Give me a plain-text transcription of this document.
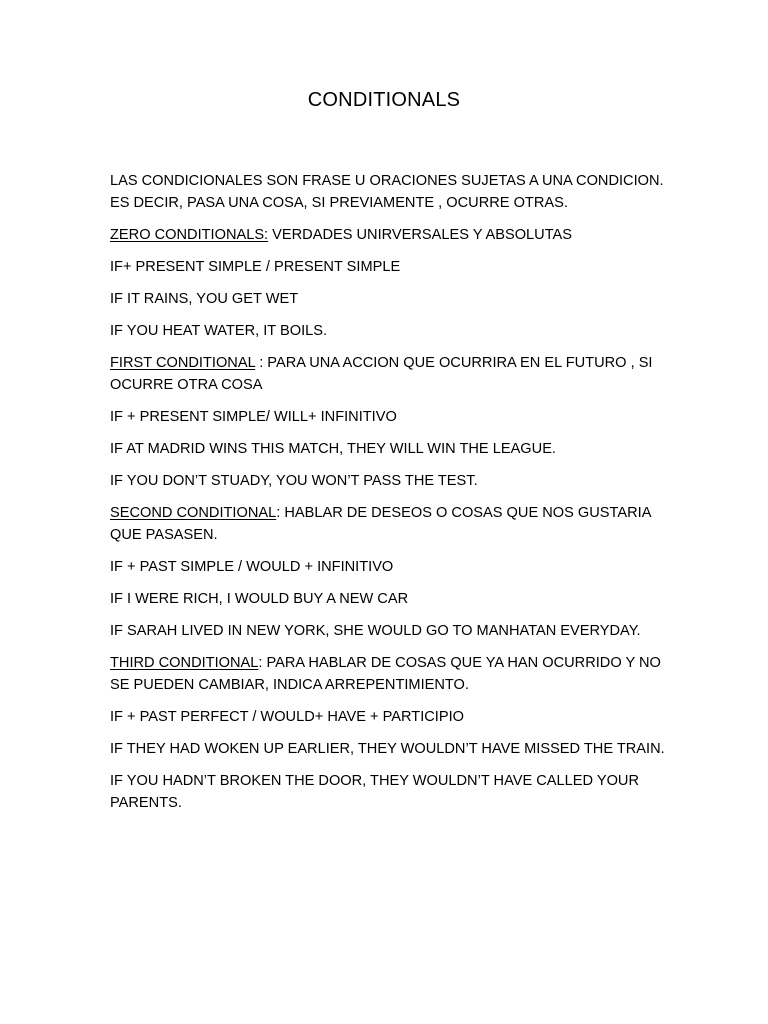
CONDITIONALS

LAS CONDICIONALES SON FRASE U ORACIONES SUJETAS A UNA CONDICION. ES DECIR, PASA UNA COSA, SI PREVIAMENTE , OCURRE OTRAS.

ZERO CONDITIONALS: VERDADES UNIRVERSALES Y ABSOLUTAS

IF+ PRESENT SIMPLE / PRESENT SIMPLE

IF IT RAINS, YOU GET WET

IF YOU HEAT WATER, IT BOILS.

FIRST CONDITIONAL : PARA UNA ACCION QUE OCURRIRA EN EL FUTURO , SI OCURRE OTRA COSA

IF + PRESENT SIMPLE/ WILL+ INFINITIVO

IF AT MADRID WINS THIS MATCH, THEY WILL WIN THE LEAGUE.

IF YOU DON’T STUADY, YOU WON’T PASS THE TEST.

SECOND CONDITIONAL: HABLAR DE DESEOS O COSAS QUE NOS GUSTARIA QUE PASASEN.

IF + PAST SIMPLE / WOULD + INFINITIVO

IF I WERE RICH, I WOULD BUY A NEW CAR

IF SARAH LIVED IN NEW YORK, SHE WOULD GO TO MANHATAN EVERYDAY.

THIRD CONDITIONAL: PARA HABLAR DE COSAS QUE YA HAN OCURRIDO Y NO SE PUEDEN CAMBIAR, INDICA ARREPENTIMIENTO.

IF + PAST PERFECT / WOULD+ HAVE + PARTICIPIO

IF THEY HAD WOKEN UP EARLIER, THEY WOULDN’T HAVE MISSED THE TRAIN.

IF YOU HADN’T BROKEN THE DOOR, THEY WOULDN’T HAVE CALLED YOUR PARENTS.
